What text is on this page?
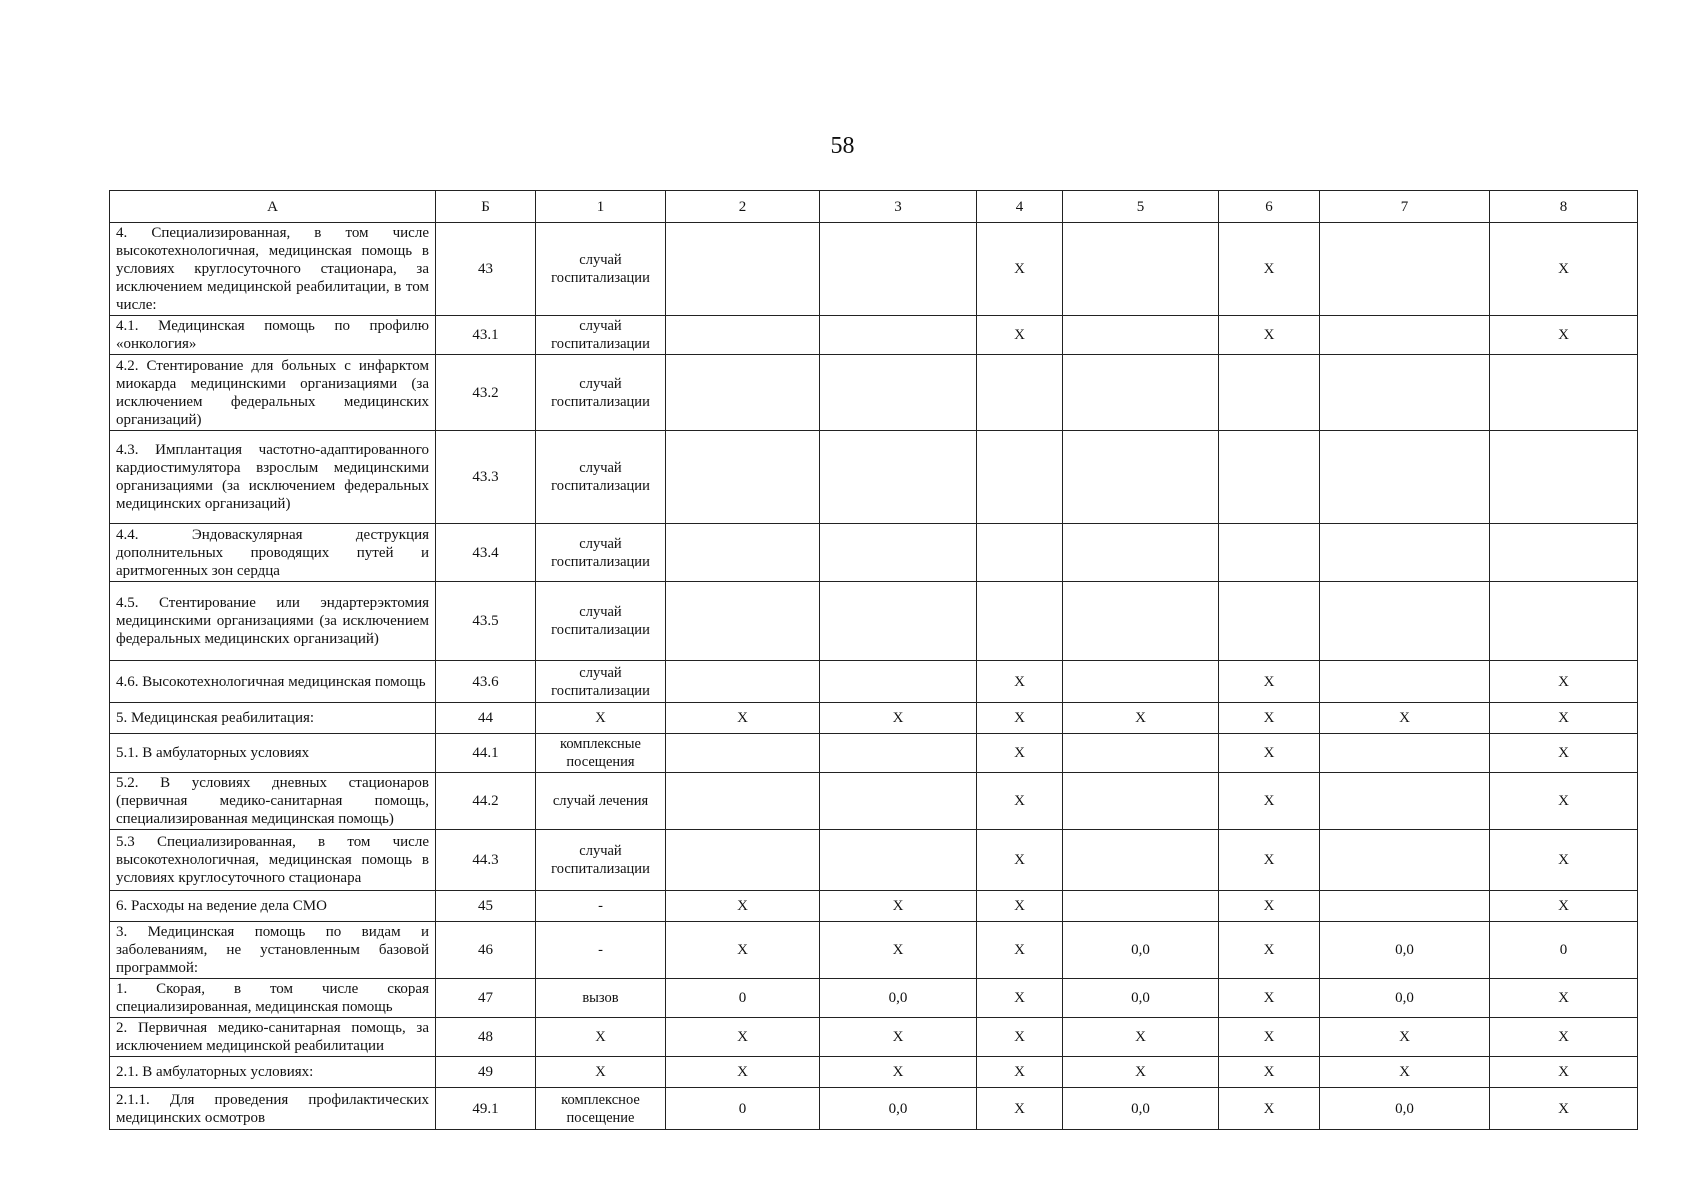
58
А	Б	1	2	3	4	5	6	7	8
4. Специализированная, в том числе высокотехнологичная, медицинская помощь в условиях круглосуточного стационара, за исключением медицинской реабилитации, в том числе:	43	случай госпитализации			X		X		X
4.1. Медицинская помощь по профилю «онкология»	43.1	случай госпитализации			X		X		X
4.2. Стентирование для больных с инфарктом миокарда медицинскими организациями (за исключением федеральных медицинских организаций)	43.2	случай госпитализации							
4.3. Имплантация частотно-адаптированного кардиостимулятора взрослым медицинскими организациями (за исключением федеральных медицинских организаций)	43.3	случай госпитализации							
4.4. Эндоваскулярная деструкция дополнительных проводящих путей и аритмогенных зон сердца	43.4	случай госпитализации							
4.5. Стентирование или эндартерэктомия медицинскими организациями (за исключением федеральных медицинских организаций)	43.5	случай госпитализации							
4.6. Высокотехнологичная медицинская помощь	43.6	случай госпитализации			X		X		X
5. Медицинская реабилитация:	44	X	X	X	X	X	X	X	X
5.1. В амбулаторных условиях	44.1	комплексные посещения			X		X		X
5.2. В условиях дневных стационаров (первичная медико-санитарная помощь, специализированная медицинская помощь)	44.2	случай лечения			X		X		X
5.3 Специализированная, в том числе высокотехнологичная, медицинская помощь в условиях круглосуточного стационара	44.3	случай госпитализации			X		X		X
6. Расходы на ведение дела СМО	45	-	X	X	X		X		X
3. Медицинская помощь по видам и заболеваниям, не установленным базовой программой:	46	-	X	X	X	0,0	X	0,0	0
1. Скорая, в том числе скорая специализированная, медицинская помощь	47	вызов	0	0,0	X	0,0	X	0,0	X
2. Первичная медико-санитарная помощь, за исключением медицинской реабилитации	48	X	X	X	X	X	X	X	X
2.1. В амбулаторных условиях:	49	X	X	X	X	X	X	X	X
2.1.1. Для проведения профилактических медицинских осмотров	49.1	комплексное посещение	0	0,0	X	0,0	X	0,0	X
